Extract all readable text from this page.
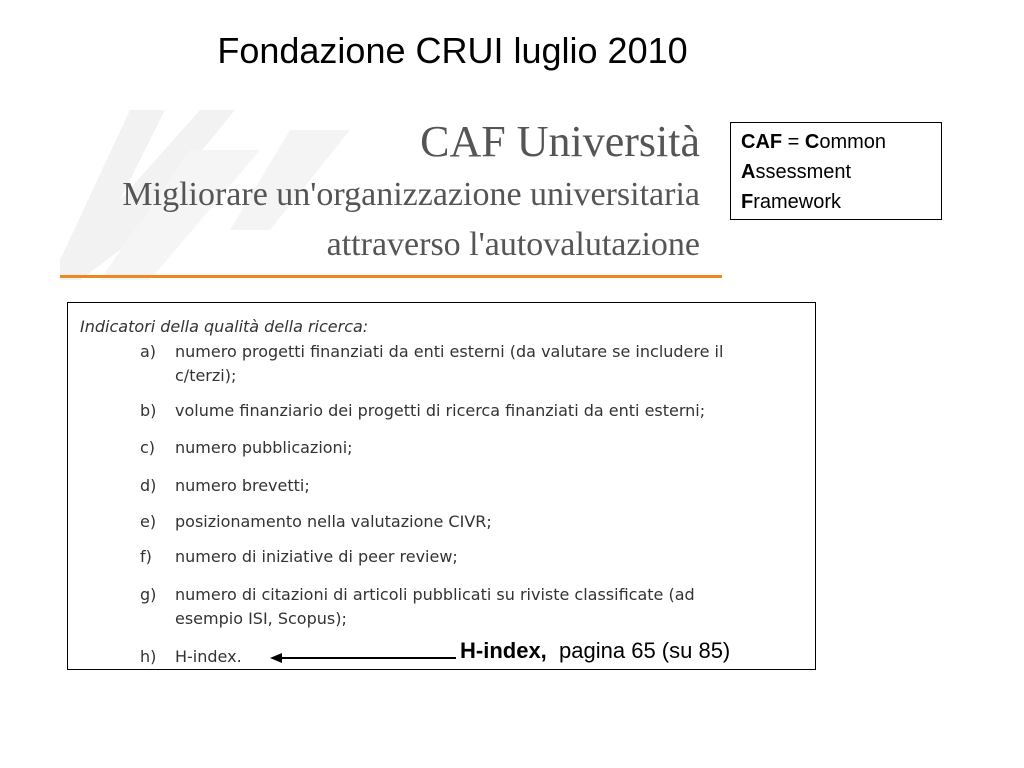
Fondazione CRUI luglio 2010
CAF Università
Migliorare un'organizzazione universitaria
attraverso l'autovalutazione
CAF = Common
Assessment
Framework
Indicatori della qualità della ricerca:
a)	numero progetti finanziati da enti esterni (da valutare se includere il
c/terzi);
b)	volume finanziario dei progetti di ricerca finanziati da enti esterni;
c)	numero pubblicazioni;
d)	numero brevetti;
e)	posizionamento nella valutazione CIVR;
f)	numero di iniziative di peer review;
g)	numero di citazioni di articoli pubblicati su riviste classificate (ad
esempio ISI, Scopus);
h)	H-index.	H-index, pagina 65 (su 85)
